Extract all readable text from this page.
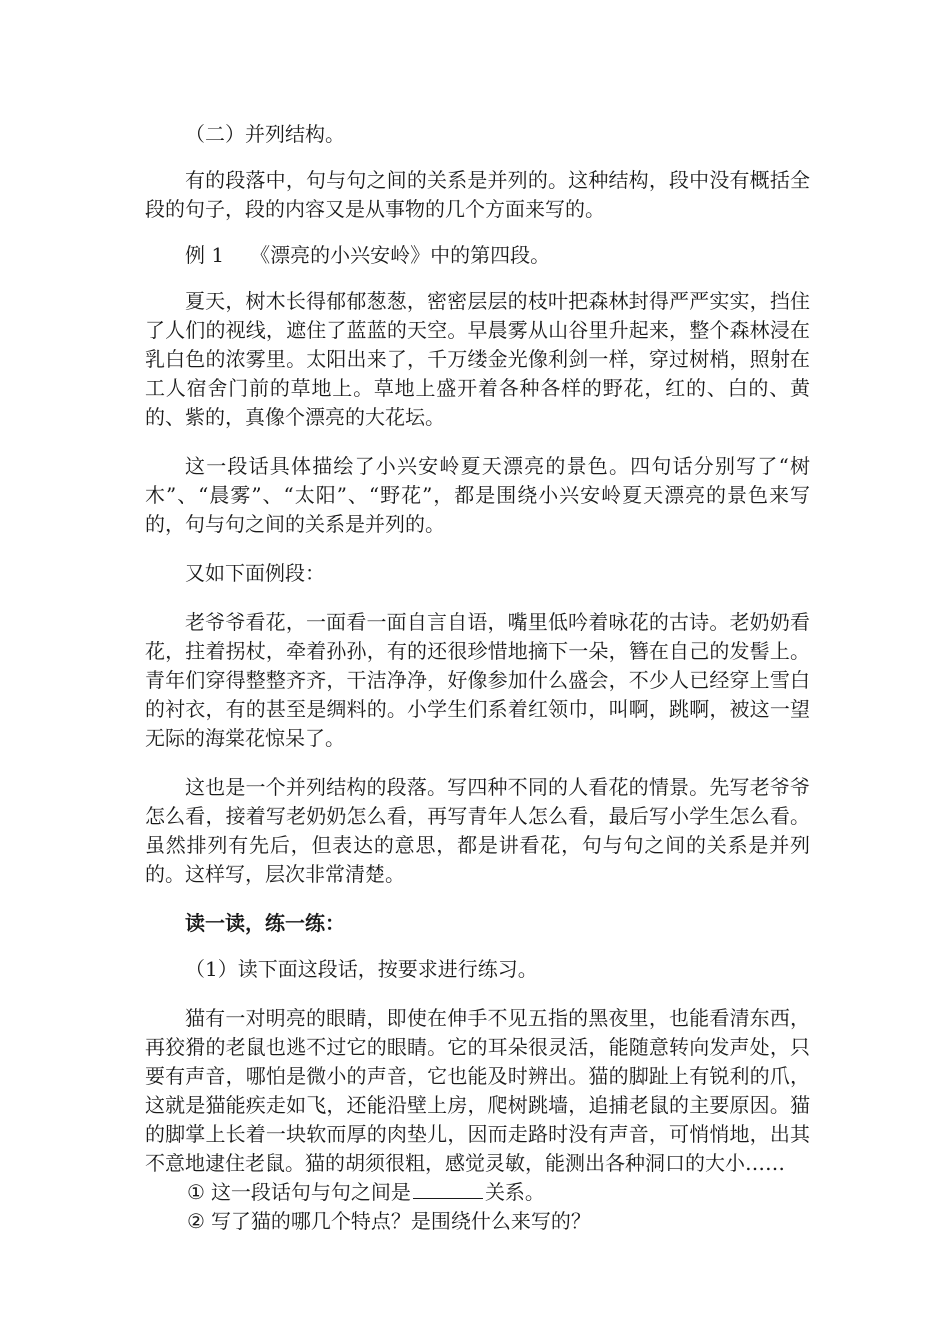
（二）并列结构。

有的段落中，句与句之间的关系是并列的。这种结构，段中没有概括全段的句子，段的内容又是从事物的几个方面来写的。

例 1 《漂亮的小兴安岭》中的第四段。

夏天，树木长得郁郁葱葱，密密层层的枝叶把森林封得严严实实，挡住了人们的视线，遮住了蓝蓝的天空。早晨雾从山谷里升起来，整个森林浸在乳白色的浓雾里。太阳出来了，千万缕金光像利剑一样，穿过树梢，照射在工人宿舍门前的草地上。草地上盛开着各种各样的野花，红的、白的、黄的、紫的，真像个漂亮的大花坛。

这一段话具体描绘了小兴安岭夏天漂亮的景色。四句话分别写了“树木”、“晨雾”、“太阳”、“野花”，都是围绕小兴安岭夏天漂亮的景色来写的，句与句之间的关系是并列的。

又如下面例段：

老爷爷看花，一面看一面自言自语，嘴里低吟着咏花的古诗。老奶奶看花，拄着拐杖，牵着孙孙，有的还很珍惜地摘下一朵，簪在自己的发髻上。青年们穿得整整齐齐，干洁净净，好像参加什么盛会，不少人已经穿上雪白的衬衣，有的甚至是绸料的。小学生们系着红领巾，叫啊，跳啊，被这一望无际的海棠花惊呆了。

这也是一个并列结构的段落。写四种不同的人看花的情景。先写老爷爷怎么看，接着写老奶奶怎么看，再写青年人怎么看，最后写小学生怎么看。虽然排列有先后，但表达的意思，都是讲看花，句与句之间的关系是并列的。这样写，层次非常清楚。

读一读，练一练：

（1）读下面这段话，按要求进行练习。

猫有一对明亮的眼睛，即使在伸手不见五指的黑夜里，也能看清东西，再狡猾的老鼠也逃不过它的眼睛。它的耳朵很灵活，能随意转向发声处，只要有声音，哪怕是微小的声音，它也能及时辨出。猫的脚趾上有锐利的爪，这就是猫能疾走如飞，还能沿壁上房，爬树跳墙，追捕老鼠的主要原因。猫的脚掌上长着一块软而厚的肉垫儿，因而走路时没有声音，可悄悄地，出其不意地逮住老鼠。猫的胡须很粗，感觉灵敏，能测出各种洞口的大小……

① 这一段话句与句之间是	关系。

② 写了猫的哪几个特点？是围绕什么来写的？
